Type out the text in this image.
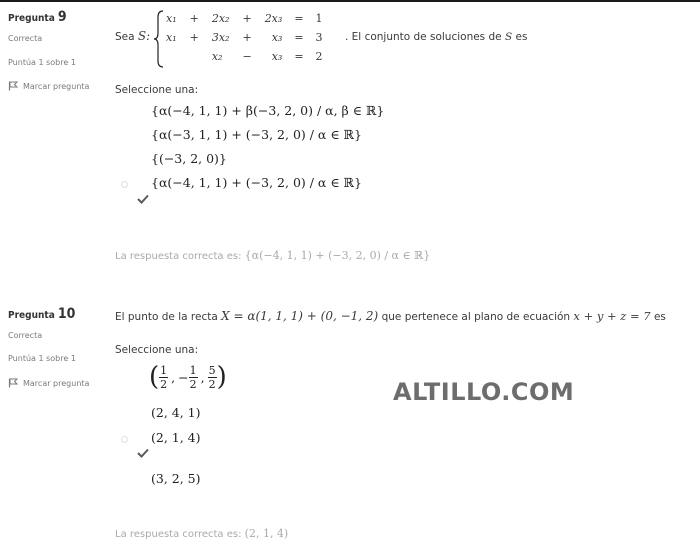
Pregunta 9
Correcta
Puntúa 1 sobre 1
Marcar pregunta
Sea S:
x₁	+	2x₂	+	2x₃	=	1
x₁	+	3x₂	+	x₃	=	3
		x₂	−	x₃	=	2
. El conjunto de soluciones de S es
Seleccione una:
{α(−4, 1, 1) + β(−3, 2, 0) / α, β ∈ ℝ}
{α(−3, 1, 1) + (−3, 2, 0) / α ∈ ℝ}
{(−3, 2, 0)}
{α(−4, 1, 1) + (−3, 2, 0) / α ∈ ℝ}
La respuesta correcta es: {α(−4, 1, 1) + (−3, 2, 0) / α ∈ ℝ}
Pregunta 10
Correcta
Puntúa 1 sobre 1
Marcar pregunta
El punto de la recta X = α(1, 1, 1) + (0, −1, 2) que pertenece al plano de ecuación x + y + z = 7 es
Seleccione una:
( $\frac{1}{2}$ , − $\frac{1}{2}$ , $\frac{5}{2}$ )
(2, 4, 1)
(2, 1, 4)
(3, 2, 5)
ALTILLO.COM
La respuesta correcta es: (2, 1, 4)
